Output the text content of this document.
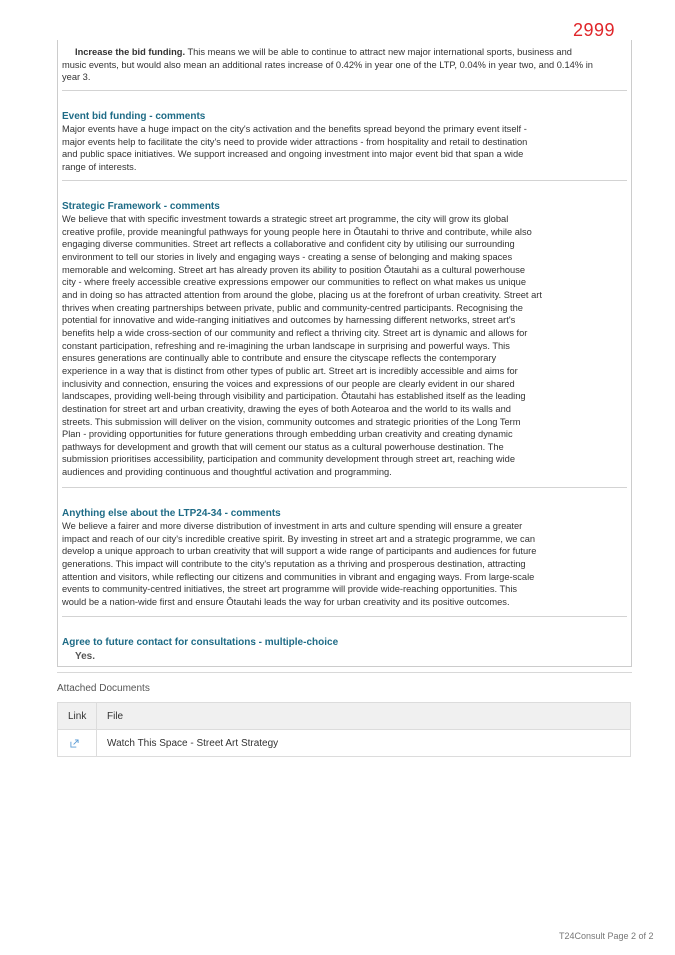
2999
Increase the bid funding. This means we will be able to continue to attract new major international sports, business and
music events, but would also mean an additional rates increase of 0.42% in year one of the LTP, 0.04% in year two, and 0.14% in
year 3.
Event bid funding - comments
Major events have a huge impact on the city's activation and the benefits spread beyond the primary event itself -
major events help to facilitate the city's need to provide wider attractions - from hospitality and retail to destination
and public space initiatives. We support increased and ongoing investment into major event bid that span a wide
range of interests.
Strategic Framework - comments
We believe that with specific investment towards a strategic street art programme, the city will grow its global
creative profile, provide meaningful pathways for young people here in Ōtautahi to thrive and contribute, while also
engaging diverse communities. Street art reflects a collaborative and confident city by utilising our surrounding
environment to tell our stories in lively and engaging ways - creating a sense of belonging and making spaces
memorable and welcoming. Street art has already proven its ability to position Ōtautahi as a cultural powerhouse
city - where freely accessible creative expressions empower our communities to reflect on what makes us unique
and in doing so has attracted attention from around the globe, placing us at the forefront of urban creativity. Street art
thrives when creating partnerships between private, public and community-centred participants. Recognising the
potential for innovative and wide-ranging initiatives and outcomes by harnessing different networks, street art's
benefits help a wide cross-section of our community and reflect a thriving city. Street art is dynamic and allows for
constant participation, refreshing and re-imagining the urban landscape in surprising and powerful ways. This
ensures generations are continually able to contribute and ensure the cityscape reflects the contemporary
experience in a way that is distinct from other types of public art. Street art is incredibly accessible and aims for
inclusivity and connection, ensuring the voices and expressions of our people are clearly evident in our shared
landscapes, providing well-being through visibility and participation. Ōtautahi has established itself as the leading
destination for street art and urban creativity, drawing the eyes of both Aotearoa and the world to its walls and
streets. This submission will deliver on the vision, community outcomes and strategic priorities of the Long Term
Plan - providing opportunities for future generations through embedding urban creativity and creating dynamic
pathways for development and growth that will cement our status as a cultural powerhouse destination. The
submission prioritises accessibility, participation and community development through street art, reaching wide
audiences and providing continuous and thoughtful activation and programming.
Anything else about the LTP24-34 - comments
We believe a fairer and more diverse distribution of investment in arts and culture spending will ensure a greater
impact and reach of our city's incredible creative spirit. By investing in street art and a strategic programme, we can
develop a unique approach to urban creativity that will support a wide range of participants and audiences for future
generations. This impact will contribute to the city's reputation as a thriving and prosperous destination, attracting
attention and visitors, while reflecting our citizens and communities in vibrant and engaging ways. From large-scale
events to community-centred initiatives, the street art programme will provide wide-reaching opportunities. This
would be a nation-wide first and ensure Ōtautahi leads the way for urban creativity and its positive outcomes.
Agree to future contact for consultations - multiple-choice
Yes.
Attached Documents
Link	File
	Watch This Space - Street Art Strategy
T24Consult Page 2 of 2
